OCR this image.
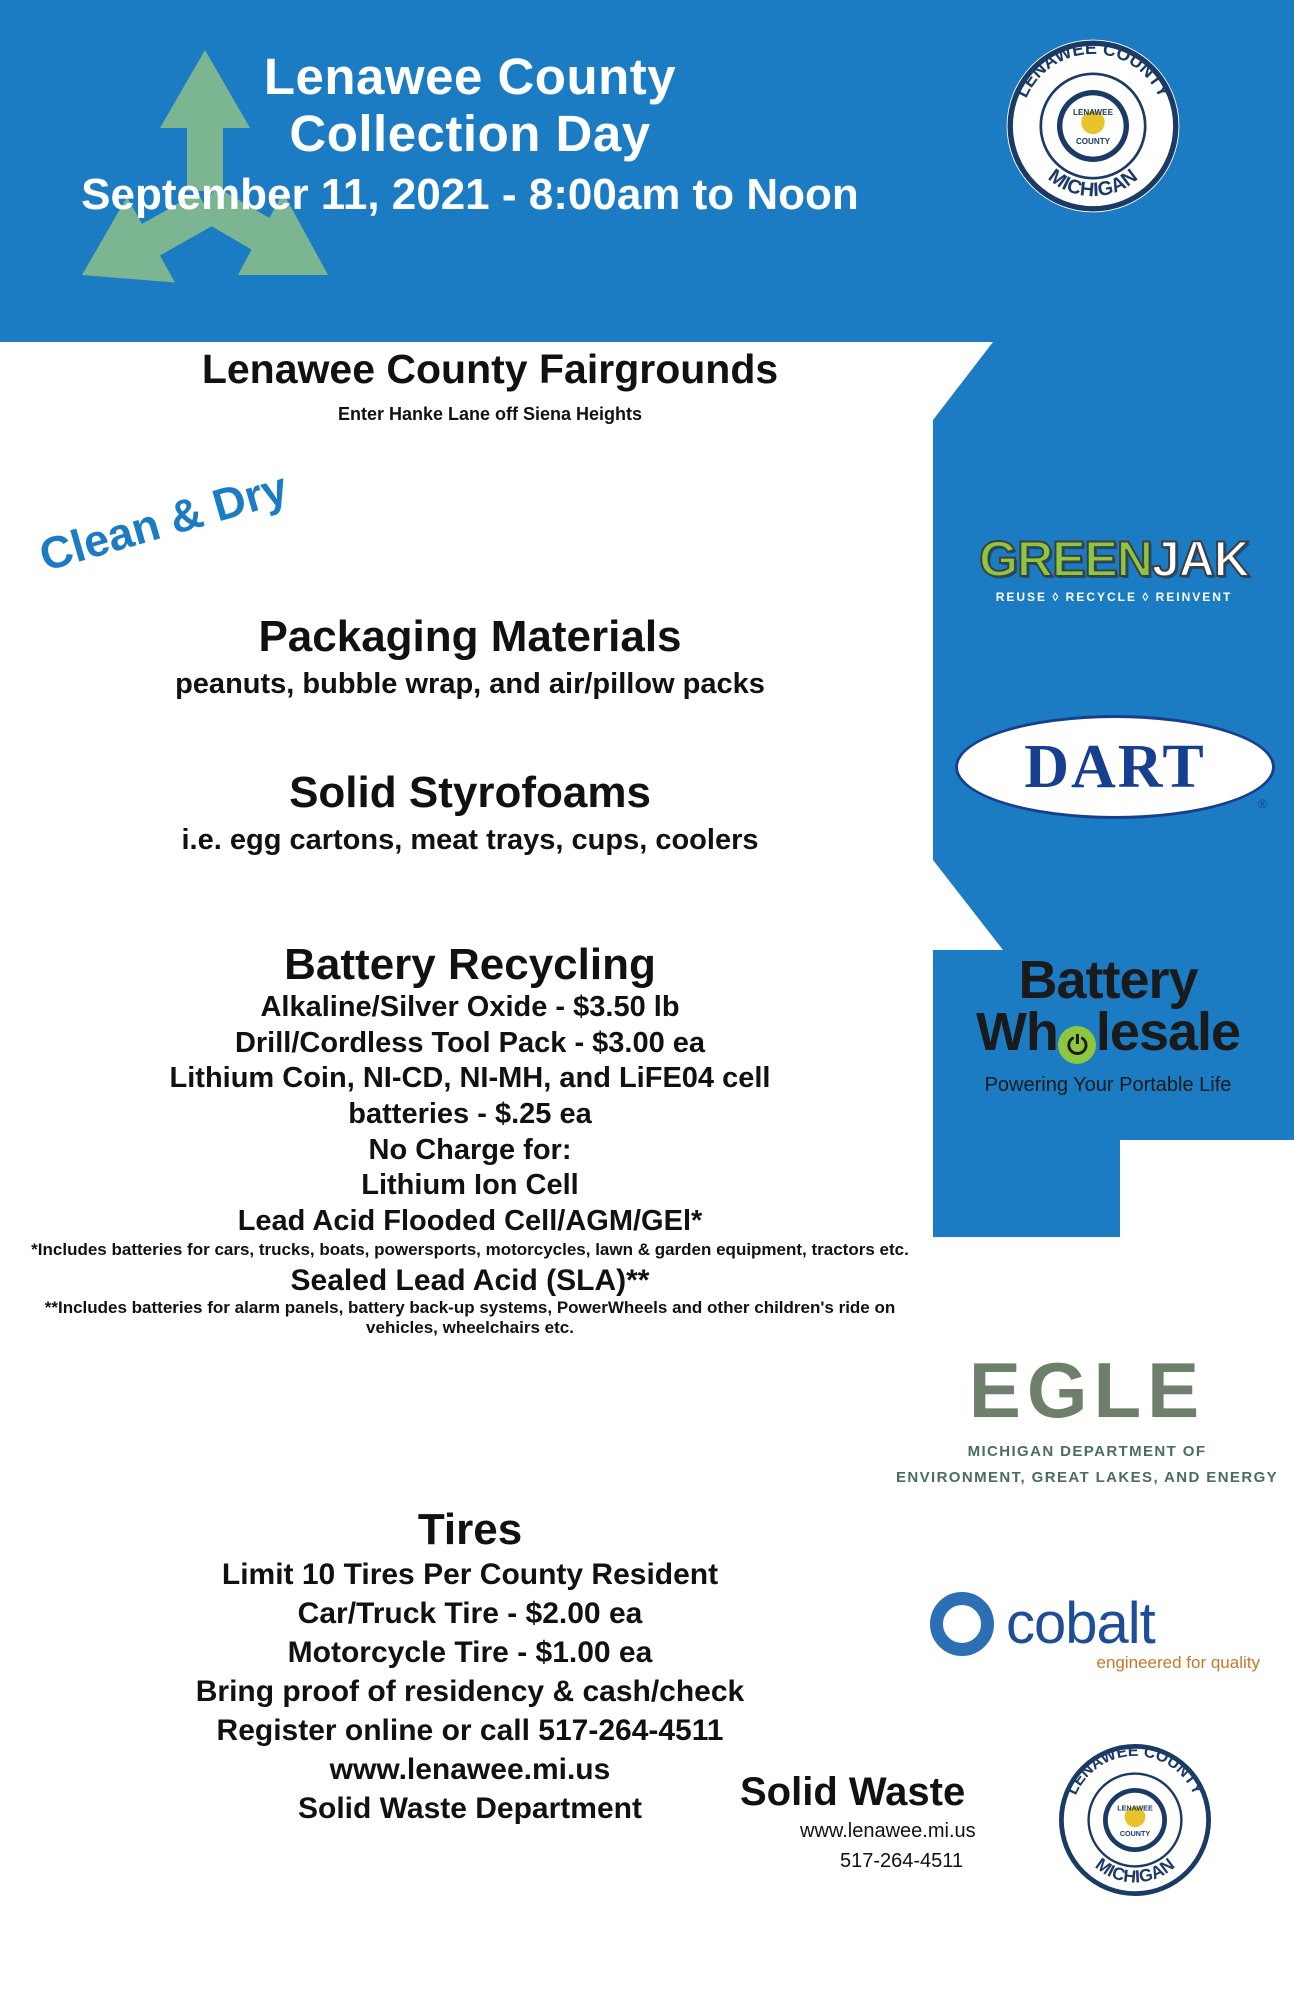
Lenawee County
Collection Day
September 11, 2021 - 8:00am to Noon
LENAWEE COUNTY
MICHIGAN
LENAWEE
COUNTY
GREENJAK
REUSE ◊ RECYCLE ◊ REINVENT
DART
®
Battery
Wh ⏻ lesale
Powering Your Portable Life
EGLE
MICHIGAN DEPARTMENT OF
ENVIRONMENT, GREAT LAKES, AND ENERGY
cobalt
engineered for quality
Lenawee County Fairgrounds
Enter Hanke Lane off Siena Heights
Clean & Dry
Packaging Materials
peanuts, bubble wrap, and air/pillow packs
Solid Styrofoams
i.e. egg cartons, meat trays, cups, coolers
Battery Recycling
Alkaline/Silver Oxide - $3.50 lb
Drill/Cordless Tool Pack - $3.00 ea
Lithium Coin, NI-CD, NI-MH, and LiFE04 cell
batteries - $.25 ea
No Charge for:
Lithium Ion Cell
Lead Acid Flooded Cell/AGM/GEl*
*Includes batteries for cars, trucks, boats, powersports, motorcycles, lawn & garden equipment, tractors etc.
Sealed Lead Acid (SLA)**
**Includes batteries for alarm panels, battery back-up systems, PowerWheels and other children's ride on vehicles, wheelchairs etc.
Tires
Limit 10 Tires Per County Resident
Car/Truck Tire - $2.00 ea
Motorcycle Tire - $1.00 ea
Bring proof of residency & cash/check
Register online or call 517-264-4511
www.lenawee.mi.us
Solid Waste Department	Solid Waste
www.lenawee.mi.us
517-264-4511
LENAWEE COUNTY
MICHIGAN
LENAWEE
COUNTY
